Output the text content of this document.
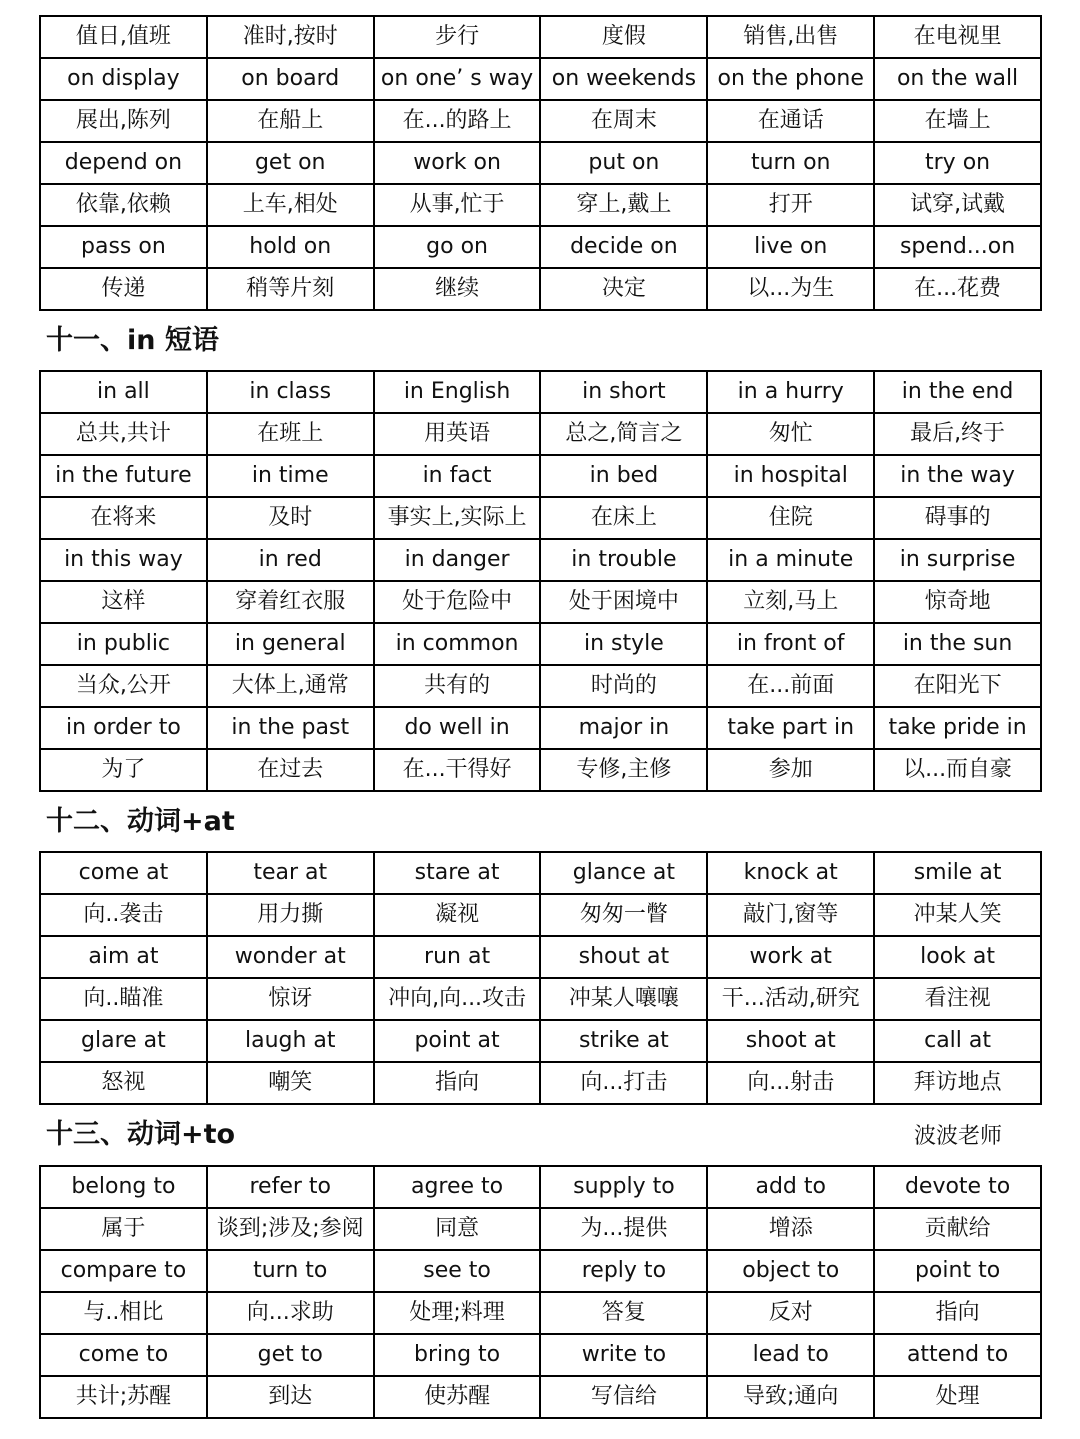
值日,值班	准时,按时	步行	度假	销售,出售	在电视里
on display	on board	on one’ s way	on weekends	on the phone	on the wall
展出,陈列	在船上	在...的路上	在周末	在通话	在墙上
depend on	get on	work on	put on	turn on	try on
依靠,依赖	上车,相处	从事,忙于	穿上,戴上	打开	试穿,试戴
pass on	hold on	go on	decide on	live on	spend...on
传递	稍等片刻	继续	决定	以...为生	在...花费
十一、in 短语
in all	in class	in English	in short	in a hurry	in the end
总共,共计	在班上	用英语	总之,简言之	匆忙	最后,终于
in the future	in time	in fact	in bed	in hospital	in the way
在将来	及时	事实上,实际上	在床上	住院	碍事的
in this way	in red	in danger	in trouble	in a minute	in surprise
这样	穿着红衣服	处于危险中	处于困境中	立刻,马上	惊奇地
in public	in general	in common	in style	in front of	in the sun
当众,公开	大体上,通常	共有的	时尚的	在...前面	在阳光下
in order to	in the past	do well in	major in	take part in	take pride in
为了	在过去	在...干得好	专修,主修	参加	以...而自豪
十二、动词+at
come at	tear at	stare at	glance at	knock at	smile at
向..袭击	用力撕	凝视	匆匆一瞥	敲门,窗等	冲某人笑
aim at	wonder at	run at	shout at	work at	look at
向..瞄准	惊讶	冲向,向...攻击	冲某人嚷嚷	干...活动,研究	看注视
glare at	laugh at	point at	strike at	shoot at	call at
怒视	嘲笑	指向	向...打击	向...射击	拜访地点
十三、动词+to	波波老师
belong to	refer to	agree to	supply to	add to	devote to
属于	谈到;涉及;参阅	同意	为...提供	增添	贡献给
compare to	turn to	see to	reply to	object to	point to
与..相比	向...求助	处理;料理	答复	反对	指向
come to	get to	bring to	write to	lead to	attend to
共计;苏醒	到达	使苏醒	写信给	导致;通向	处理
